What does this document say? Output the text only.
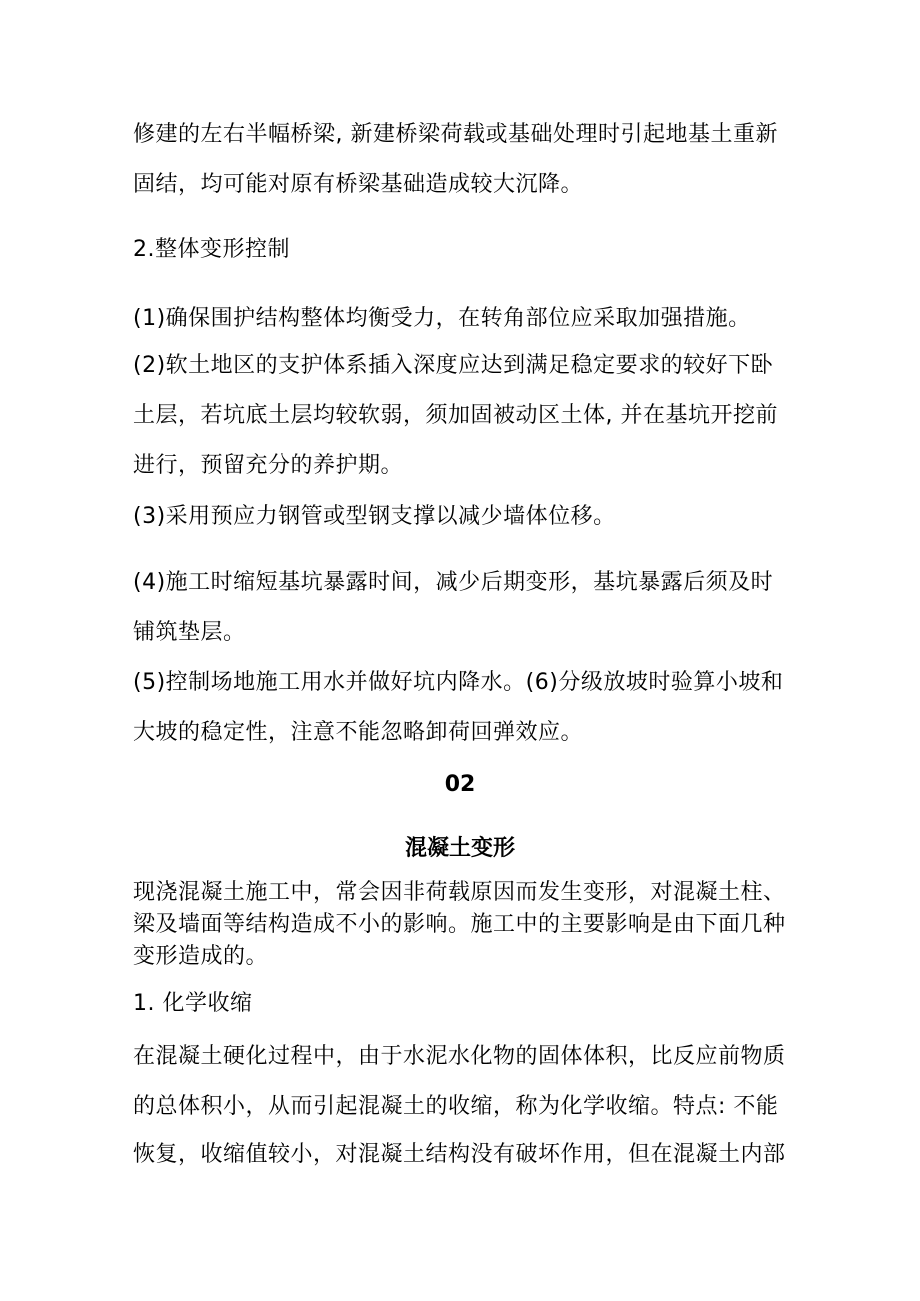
修建的左右半幅桥梁, 新建桥梁荷载或基础处理时引起地基土重新
固结，均可能对原有桥梁基础造成较大沉降。
2.整体变形控制
(1)确保围护结构整体均衡受力，在转角部位应采取加强措施。
(2)软土地区的支护体系插入深度应达到满足稳定要求的较好下卧
土层，若坑底土层均较软弱，须加固被动区土体, 并在基坑开挖前
进行，预留充分的养护期。
(3)采用预应力钢管或型钢支撑以减少墙体位移。
(4)施工时缩短基坑暴露时间，减少后期变形，基坑暴露后须及时
铺筑垫层。
(5)控制场地施工用水并做好坑内降水。(6)分级放坡时验算小坡和
大坡的稳定性，注意不能忽略卸荷回弹效应。
02
混凝土变形
现浇混凝土施工中，常会因非荷载原因而发生变形，对混凝土柱、
梁及墙面等结构造成不小的影响。施工中的主要影响是由下面几种
变形造成的。
1. 化学收缩
在混凝土硬化过程中，由于水泥水化物的固体体积，比反应前物质
的总体积小，从而引起混凝土的收缩，称为化学收缩。特点: 不能
恢复，收缩值较小，对混凝土结构没有破坏作用，但在混凝土内部
